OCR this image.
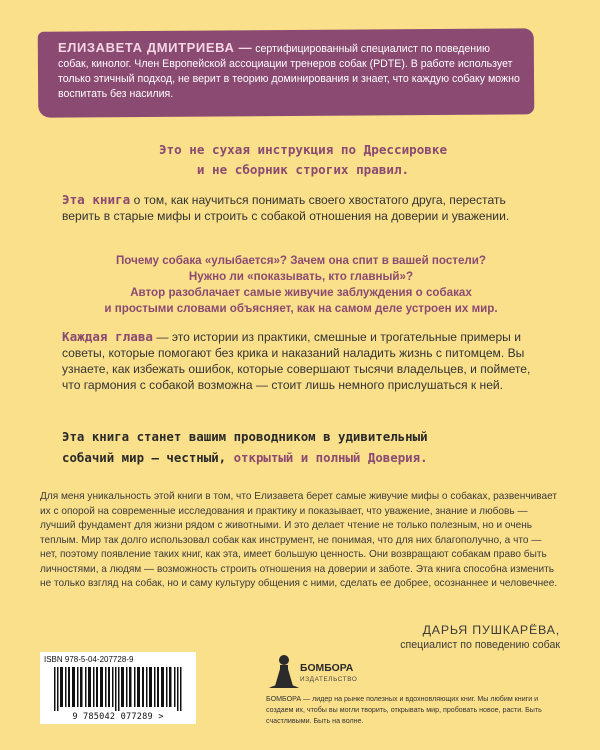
ЕЛИЗАВЕТА ДМИТРИЕВА — сертифицированный специалист по поведению собак, кинолог. Член Европейской ассоциации тренеров собак (PDTE). В работе использует только этичный подход, не верит в теорию доминирования и знает, что каждую собаку можно воспитать без насилия.
Это не сухая инструкция по Дрессировке
и не сборник строгих правил.
Эта книга о том, как научиться понимать своего хвостатого друга, перестать верить в старые мифы и строить с собакой отношения на доверии и уважении.
Почему собака «улыбается»? Зачем она спит в вашей постели?
Нужно ли «показывать, кто главный»?
Автор разоблачает самые живучие заблуждения о собаках
и простыми словами объясняет, как на самом деле устроен их мир.
Каждая глава — это истории из практики, смешные и трогательные примеры и советы, которые помогают без крика и наказаний наладить жизнь с питомцем. Вы узнаете, как избежать ошибок, которые совершают тысячи владельцев, и поймете, что гармония с собакой возможна — стоит лишь немного прислушаться к ней.
Эта книга станет вашим проводником в удивительный
собачий мир — честный, открытый и полный Доверия.
Для меня уникальность этой книги в том, что Елизавета берет самые живучие мифы о собаках, развенчивает их с опорой на современные исследования и практику и показывает, что уважение, знание и любовь — лучший фундамент для жизни рядом с животными. И это делает чтение не только полезным, но и очень теплым. Мир так долго использовал собак как инструмент, не понимая, что для них благополучно, а что — нет, поэтому появление таких книг, как эта, имеет большую ценность. Они возвращают собакам право быть личностями, а людям — возможность строить отношения на доверии и заботе. Эта книга способна изменить не только взгляд на собак, но и саму культуру общения с ними, сделать ее добрее, осознаннее и человечнее.
ДАРЬЯ ПУШКАРЁВА,
специалист по поведению собак
ISBN 978-5-04-207728-9
9 785042 077289 >
БОМБОРА
ИЗДАТЕЛЬСТВО
БОМБОРА — лидер на рынке полезных и вдохновляющих книг. Мы любим книги и создаем их, чтобы вы могли творить, открывать мир, пробовать новое, расти. Быть счастливыми. Быть на волне.
